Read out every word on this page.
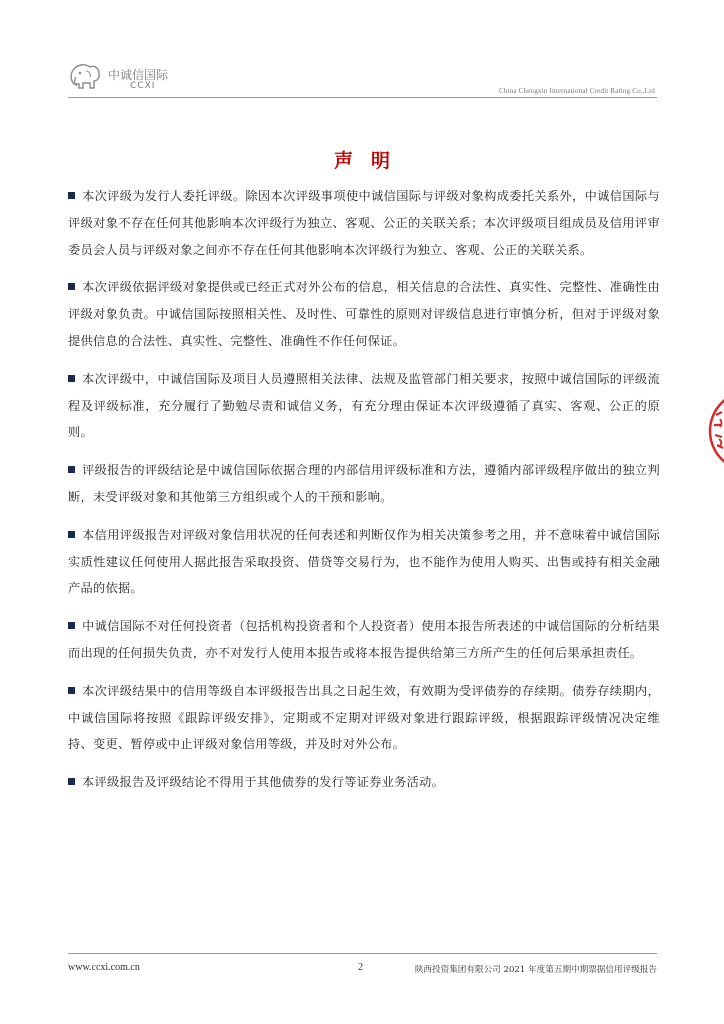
中诚信国际
CCXI	China Chengxin International Credit Rating Co.,Ltd
声明

本次评级为发行人委托评级。除因本次评级事项使中诚信国际与评级对象构成委托关系外，中诚信国际与评级对象不存在任何其他影响本次评级行为独立、客观、公正的关联关系；本次评级项目组成员及信用评审委员会人员与评级对象之间亦不存在任何其他影响本次评级行为独立、客观、公正的关联关系。

本次评级依据评级对象提供或已经正式对外公布的信息，相关信息的合法性、真实性、完整性、准确性由评级对象负责。中诚信国际按照相关性、及时性、可靠性的原则对评级信息进行审慎分析，但对于评级对象提供信息的合法性、真实性、完整性、准确性不作任何保证。

本次评级中，中诚信国际及项目人员遵照相关法律、法规及监管部门相关要求，按照中诚信国际的评级流程及评级标准，充分履行了勤勉尽责和诚信义务，有充分理由保证本次评级遵循了真实、客观、公正的原则。

评级报告的评级结论是中诚信国际依据合理的内部信用评级标准和方法，遵循内部评级程序做出的独立判断，未受评级对象和其他第三方组织或个人的干预和影响。

本信用评级报告对评级对象信用状况的任何表述和判断仅作为相关决策参考之用，并不意味着中诚信国际实质性建议任何使用人据此报告采取投资、借贷等交易行为，也不能作为使用人购买、出售或持有相关金融产品的依据。

中诚信国际不对任何投资者（包括机构投资者和个人投资者）使用本报告所表述的中诚信国际的分析结果而出现的任何损失负责，亦不对发行人使用本报告或将本报告提供给第三方所产生的任何后果承担责任。

本次评级结果中的信用等级自本评级报告出具之日起生效，有效期为受评债券的存续期。债券存续期内，中诚信国际将按照《跟踪评级安排》，定期或不定期对评级对象进行跟踪评级，根据跟踪评级情况决定维持、变更、暂停或中止评级对象信用等级，并及时对外公布。

本评级报告及评级结论不得用于其他债券的发行等证券业务活动。

www.ccxi.com.cn	2	陕西投资集团有限公司 2021 年度第五期中期票据信用评级报告
